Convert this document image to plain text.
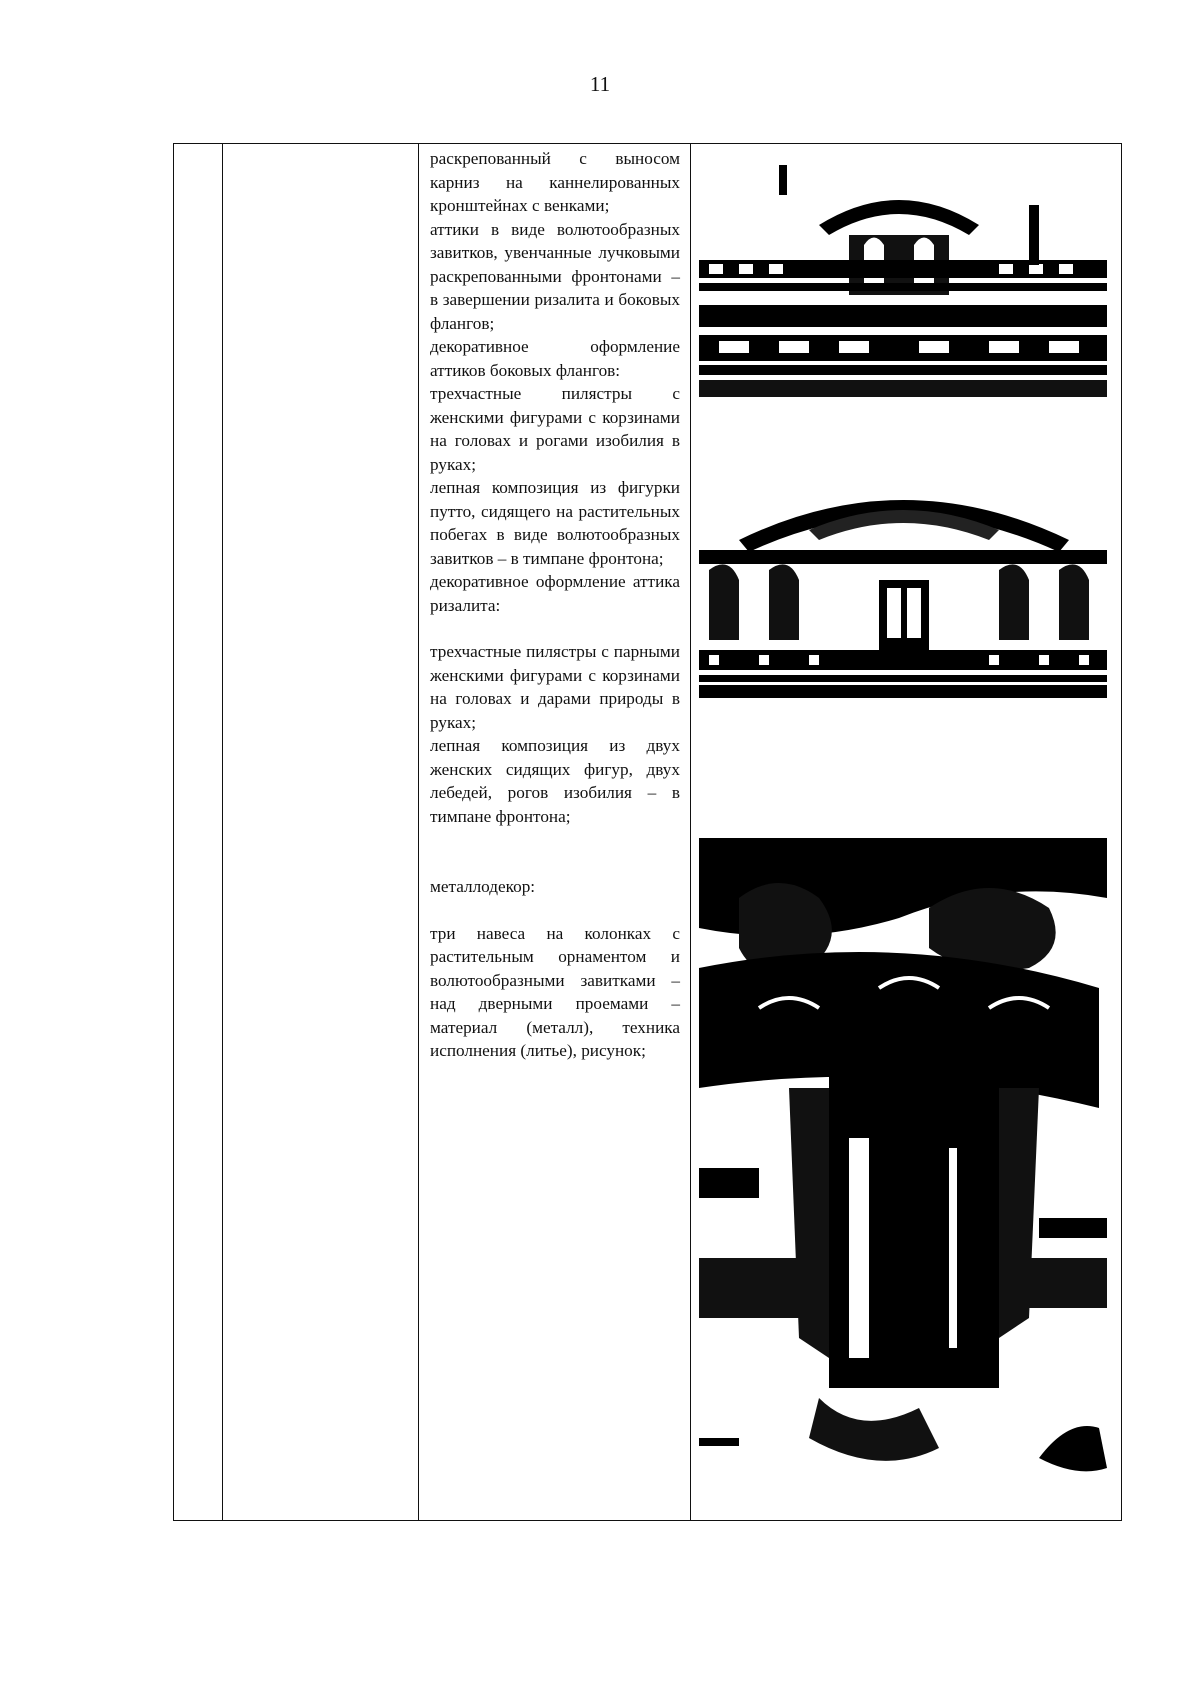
11

раскрепованный с выносом карниз на каннелированных кронштейнах с венками;

аттики в виде волютообразных завитков, увенчанные лучковыми раскрепованными фронтонами – в завершении ризалита и боковых флангов;

декоративное оформление аттиков боковых флангов:

трехчастные пилястры с женскими фигурами с корзинами на головах и рогами изобилия в руках;

лепная композиция из фигурки путто, сидящего на растительных побегах в виде волютообразных завитков – в тимпане фронтона;

декоративное оформление аттика ризалита:

трехчастные пилястры с парными женскими фигурами с корзинами на головах и дарами природы в руках;

лепная композиция из двух женских сидящих фигур, двух лебедей, рогов изобилия – в тимпане фронтона;

металлодекор:

три навеса на колонках с растительным орнаментом и волютообразными завитками – над дверными проемами – материал (металл), техника исполнения (литье), рисунок;
